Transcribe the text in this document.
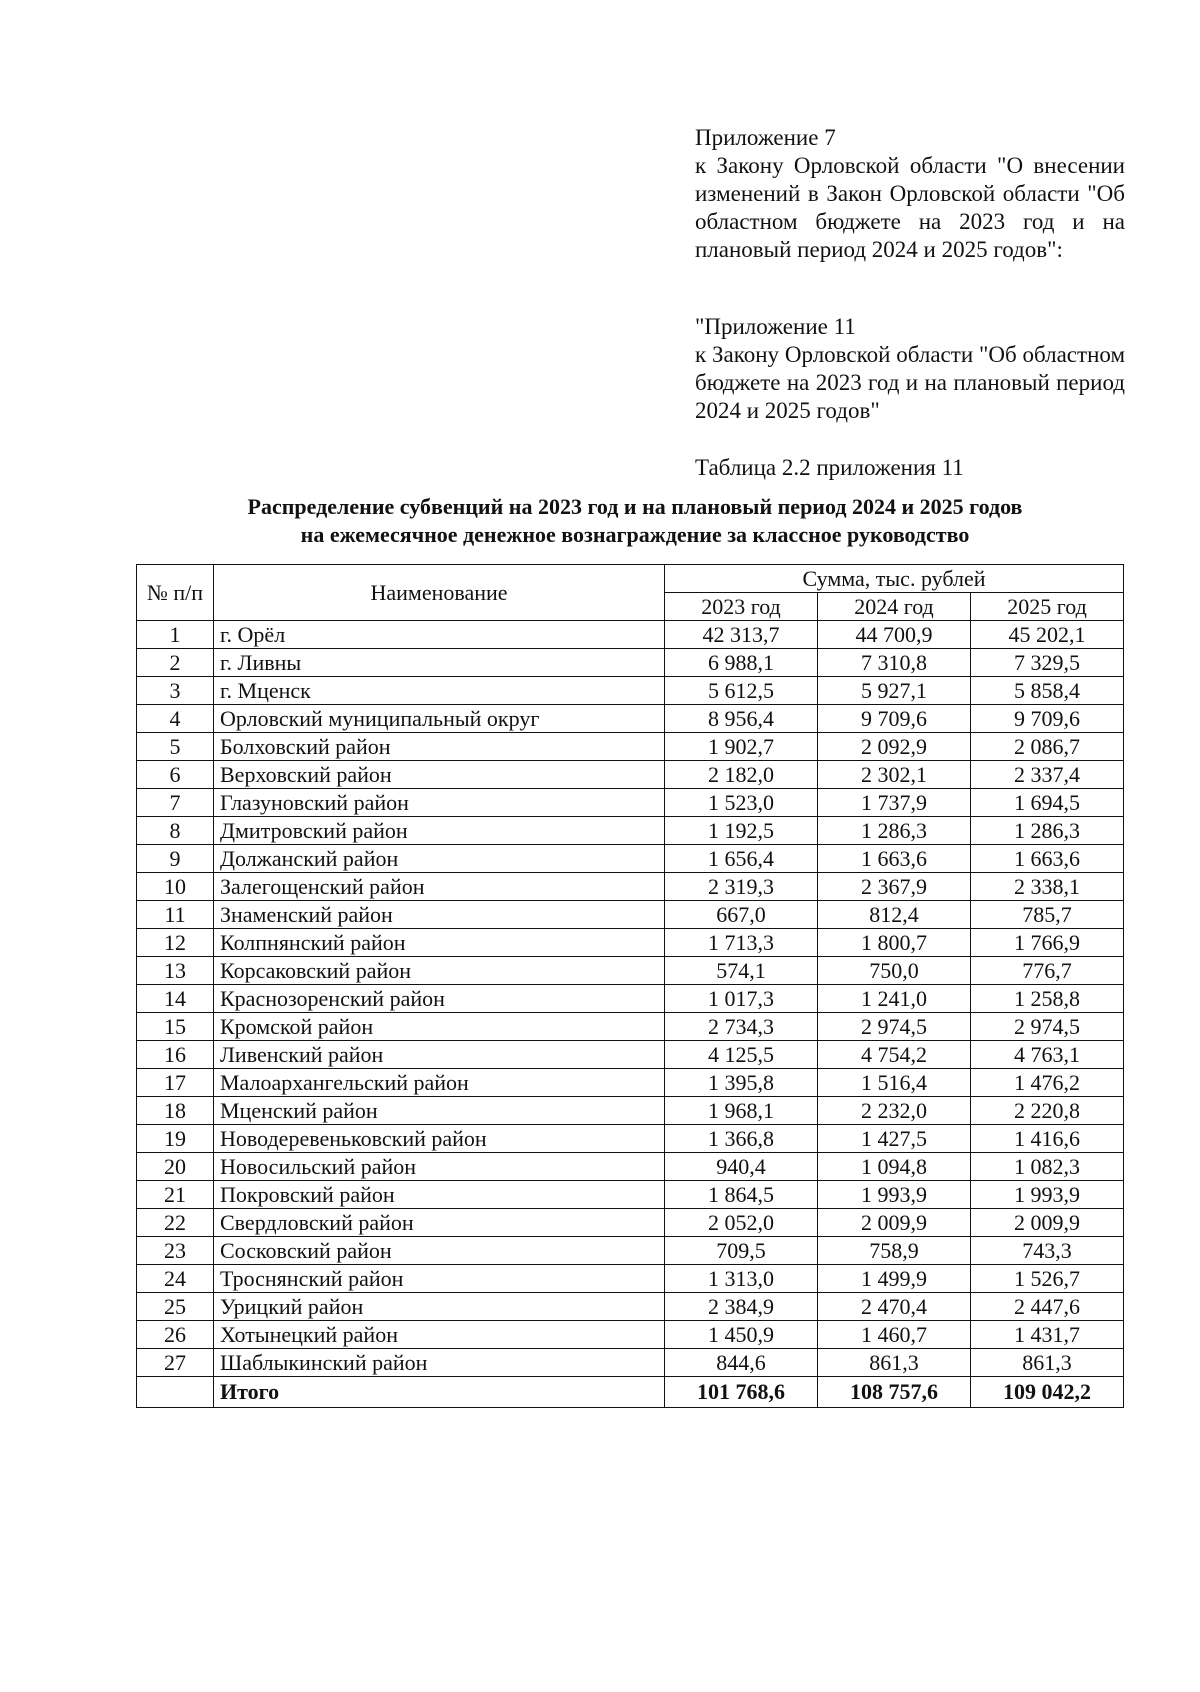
Приложение 7

к Закону Орловской области "О внесении изменений в Закон Орловской области "Об областном бюджете на 2023 год и на плановый период 2024 и 2025 годов":

"Приложение 11

к Закону Орловской области "Об областном бюджете на 2023 год и на плановый период 2024 и 2025 годов"

Таблица 2.2 приложения 11
Распределение субвенций на 2023 год и на плановый период 2024 и 2025 годов
на ежемесячное денежное вознаграждение за классное руководство
№ п/п	Наименование	Сумма, тыс. рублей		
		2023 год	2024 год	2025 год
1	г. Орёл	42 313,7	44 700,9	45 202,1
2	г. Ливны	6 988,1	7 310,8	7 329,5
3	г. Мценск	5 612,5	5 927,1	5 858,4
4	Орловский муниципальный округ	8 956,4	9 709,6	9 709,6
5	Болховский район	1 902,7	2 092,9	2 086,7
6	Верховский район	2 182,0	2 302,1	2 337,4
7	Глазуновский район	1 523,0	1 737,9	1 694,5
8	Дмитровский район	1 192,5	1 286,3	1 286,3
9	Должанский район	1 656,4	1 663,6	1 663,6
10	Залегощенский район	2 319,3	2 367,9	2 338,1
11	Знаменский район	667,0	812,4	785,7
12	Колпнянский район	1 713,3	1 800,7	1 766,9
13	Корсаковский район	574,1	750,0	776,7
14	Краснозоренский район	1 017,3	1 241,0	1 258,8
15	Кромской район	2 734,3	2 974,5	2 974,5
16	Ливенский район	4 125,5	4 754,2	4 763,1
17	Малоархангельский район	1 395,8	1 516,4	1 476,2
18	Мценский район	1 968,1	2 232,0	2 220,8
19	Новодеревеньковский район	1 366,8	1 427,5	1 416,6
20	Новосильский район	940,4	1 094,8	1 082,3
21	Покровский район	1 864,5	1 993,9	1 993,9
22	Свердловский район	2 052,0	2 009,9	2 009,9
23	Сосковский район	709,5	758,9	743,3
24	Троснянский район	1 313,0	1 499,9	1 526,7
25	Урицкий район	2 384,9	2 470,4	2 447,6
26	Хотынецкий район	1 450,9	1 460,7	1 431,7
27	Шаблыкинский район	844,6	861,3	861,3
	Итого	101 768,6	108 757,6	109 042,2
